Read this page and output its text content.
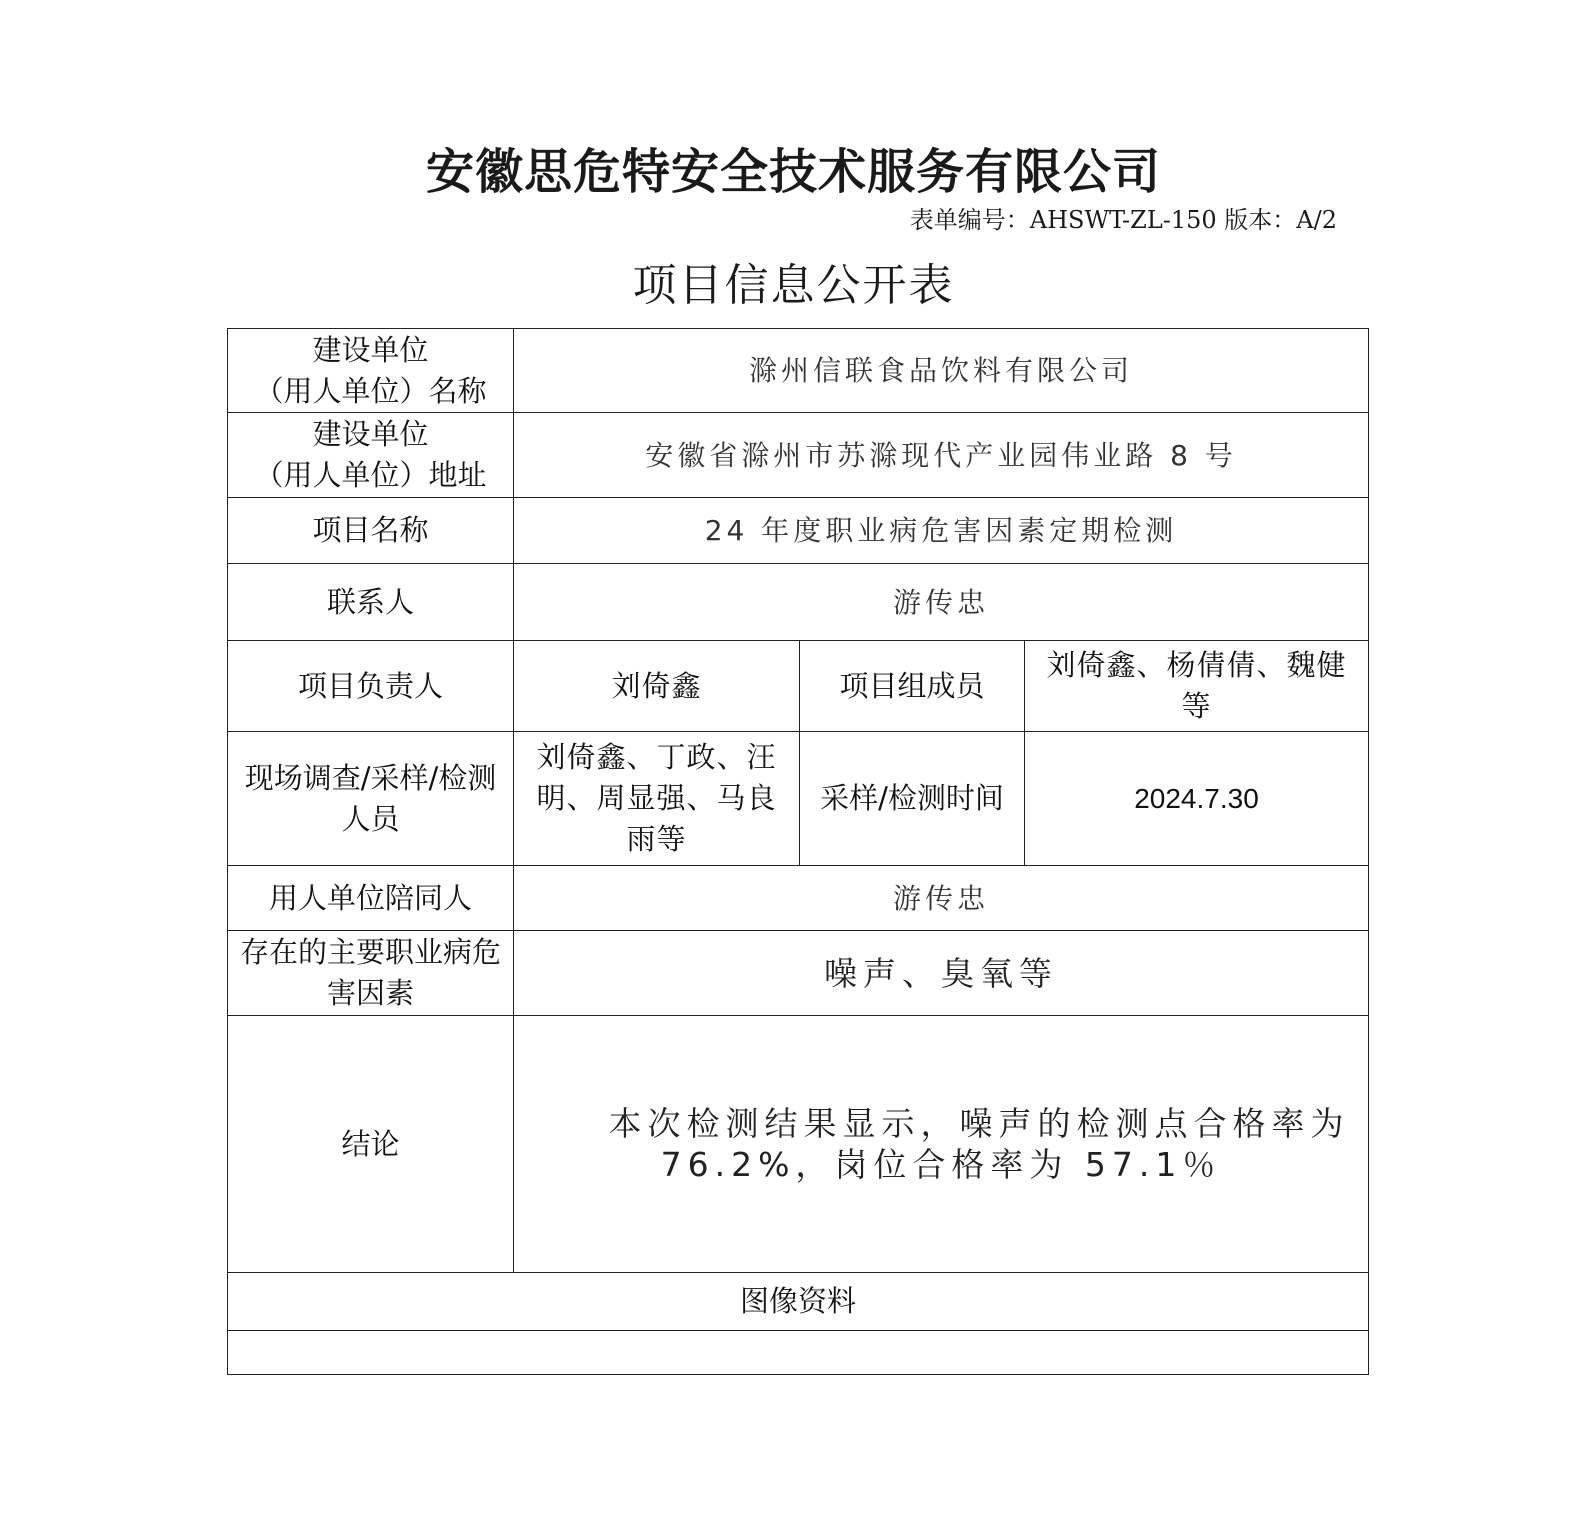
安徽思危特安全技术服务有限公司
表单编号：AHSWT-ZL-150 版本：A/2
项目信息公开表
建设单位
（用人单位）名称	滁州信联食品饮料有限公司		

建设单位
（用人单位）地址	安徽省滁州市苏滁现代产业园伟业路 8 号		
项目名称	24 年度职业病危害因素定期检测		
联系人	游传忠		
项目负责人	刘倚鑫	项目组成员	刘倚鑫、杨倩倩、魏健等
现场调查/采样/检测人员	刘倚鑫、丁政、汪明、周显强、马良雨等	采样/检测时间	2024.7.30
用人单位陪同人	游传忠		
存在的主要职业病危害因素	噪声、臭氧等		
结论	本次检测结果显示，噪声的检测点合格率为 76.2%，岗位合格率为 57.1％		
图像资料			
